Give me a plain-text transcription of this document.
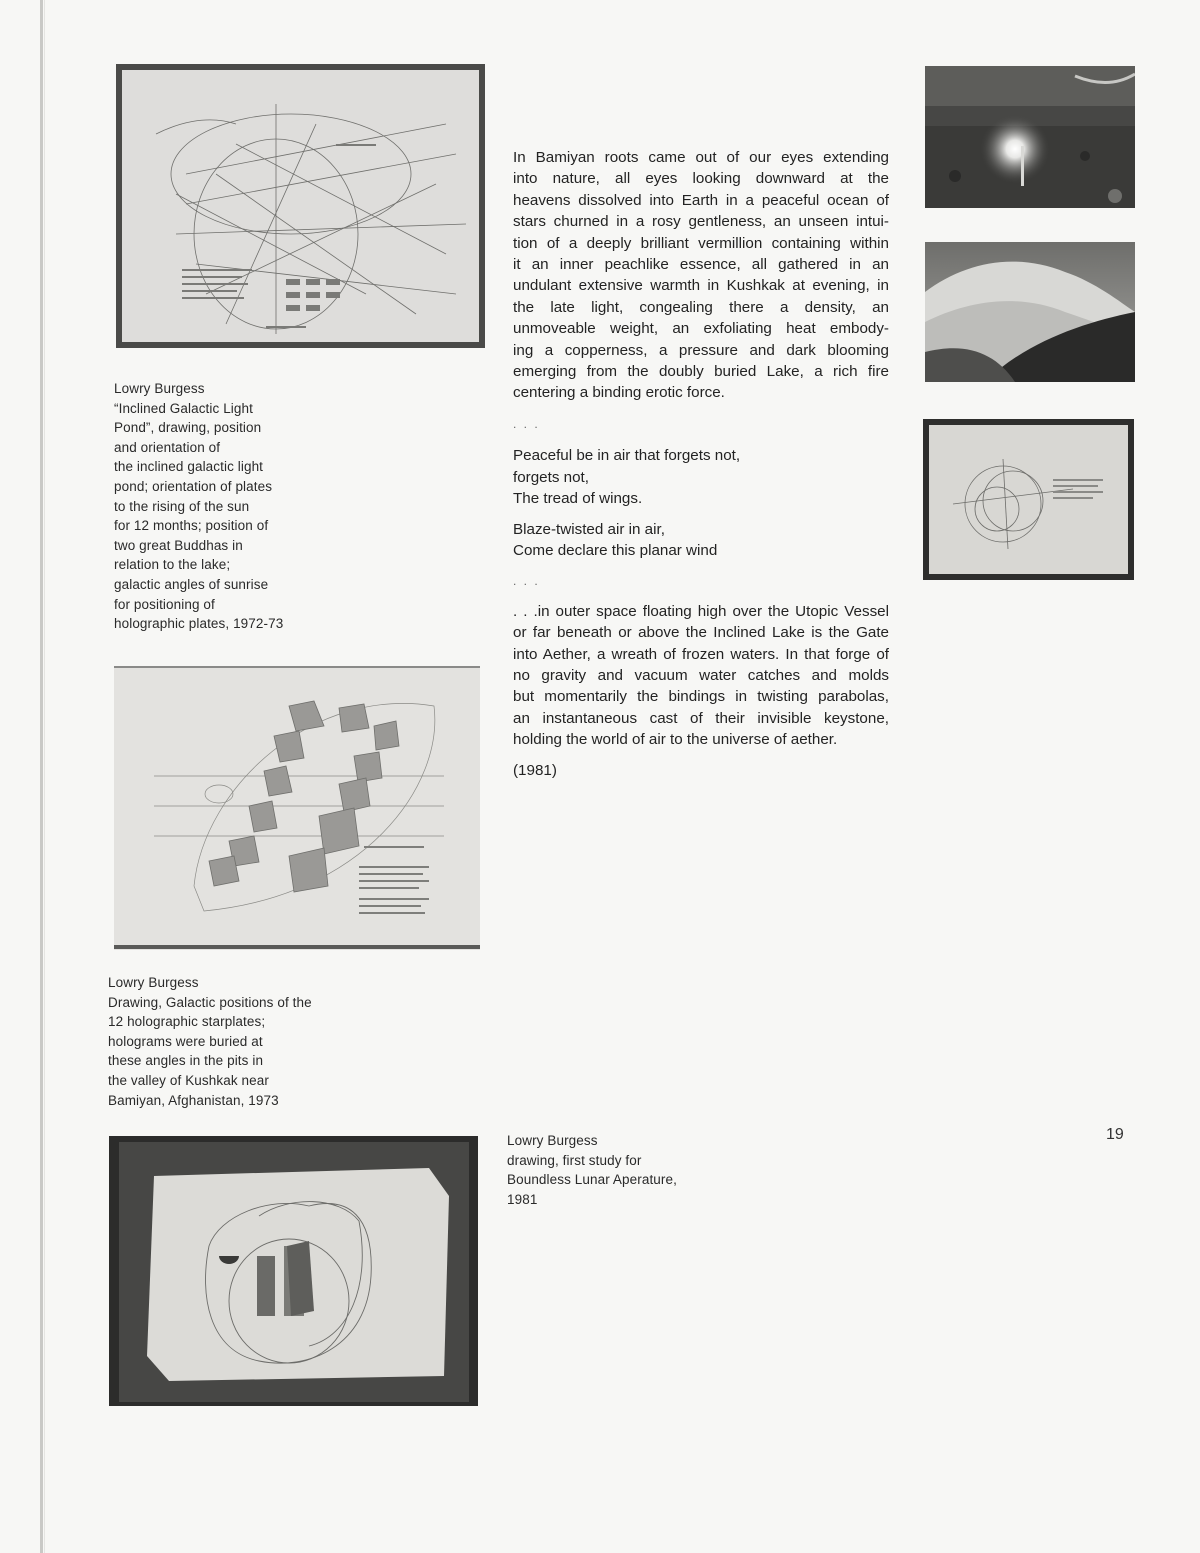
Lowry Burgess
“Inclined Galactic Light
Pond”, drawing, position
and orientation of
the inclined galactic light
pond; orientation of plates
to the rising of the sun
for 12 months; position of
two great Buddhas in
relation to the lake;
galactic angles of sunrise
for positioning of
holographic plates, 1972-73
Lowry Burgess
Drawing, Galactic positions of the
12 holographic starplates;
holograms were buried at
these angles in the pits in
the valley of Kushkak near
Bamiyan, Afghanistan, 1973
Lowry Burgess
drawing, first study for
Boundless Lunar Aperature,
1981

In Bamiyan roots came out of our eyes extending
into nature, all eyes looking downward at the
heavens dissolved into Earth in a peaceful ocean of
stars churned in a rosy gentleness, an unseen intui-
tion of a deeply brilliant vermillion containing within
it an inner peachlike essence, all gathered in an
undulant extensive warmth in Kushkak at evening, in
the late light, congealing there a density, an
unmoveable weight, an exfoliating heat embody-
ing a copperness, a pressure and dark blooming
emerging from the doubly buried Lake, a rich fire
centering a binding erotic force.

. . .

Peaceful be in air that forgets not,
forgets not,
The tread of wings.

Blaze-twisted air in air,
Come declare this planar wind

. . .

. . .in outer space floating high over the Utopic Vessel
or far beneath or above the Inclined Lake is the Gate
into Aether, a wreath of frozen waters. In that forge of
no gravity and vacuum water catches and molds
but momentarily the bindings in twisting parabolas,
an instantaneous cast of their invisible keystone,
holding the world of air to the universe of aether.

(1981)

19
